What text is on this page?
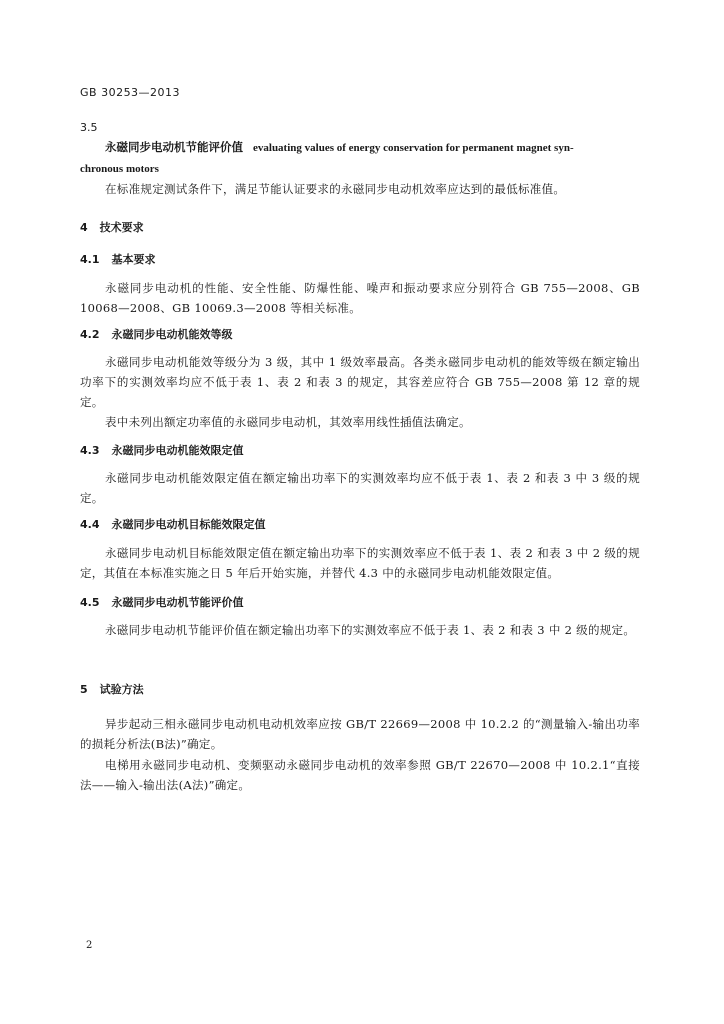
GB 30253—2013
3.5
永磁同步电动机节能评价值 evaluating values of energy conservation for permanent magnet syn-
chronous motors
在标准规定测试条件下，满足节能认证要求的永磁同步电动机效率应达到的最低标准值。
4 技术要求
4.1 基本要求
永磁同步电动机的性能、安全性能、防爆性能、噪声和振动要求应分别符合 GB 755—2008、GB 10068—2008、GB 10069.3—2008 等相关标准。
4.2 永磁同步电动机能效等级
永磁同步电动机能效等级分为 3 级，其中 1 级效率最高。各类永磁同步电动机的能效等级在额定输出功率下的实测效率均应不低于表 1、表 2 和表 3 的规定，其容差应符合 GB 755—2008 第 12 章的规定。
表中未列出额定功率值的永磁同步电动机，其效率用线性插值法确定。
4.3 永磁同步电动机能效限定值
永磁同步电动机能效限定值在额定输出功率下的实测效率均应不低于表 1、表 2 和表 3 中 3 级的规定。
4.4 永磁同步电动机目标能效限定值
永磁同步电动机目标能效限定值在额定输出功率下的实测效率应不低于表 1、表 2 和表 3 中 2 级的规定，其值在本标准实施之日 5 年后开始实施，并替代 4.3 中的永磁同步电动机能效限定值。
4.5 永磁同步电动机节能评价值
永磁同步电动机节能评价值在额定输出功率下的实测效率应不低于表 1、表 2 和表 3 中 2 级的规定。
5 试验方法
异步起动三相永磁同步电动机电动机效率应按 GB/T 22669—2008 中 10.2.2 的“测量输入-输出功率的损耗分析法(B法)”确定。
电梯用永磁同步电动机、变频驱动永磁同步电动机的效率参照 GB/T 22670—2008 中 10.2.1“直接法——输入-输出法(A法)”确定。
2
